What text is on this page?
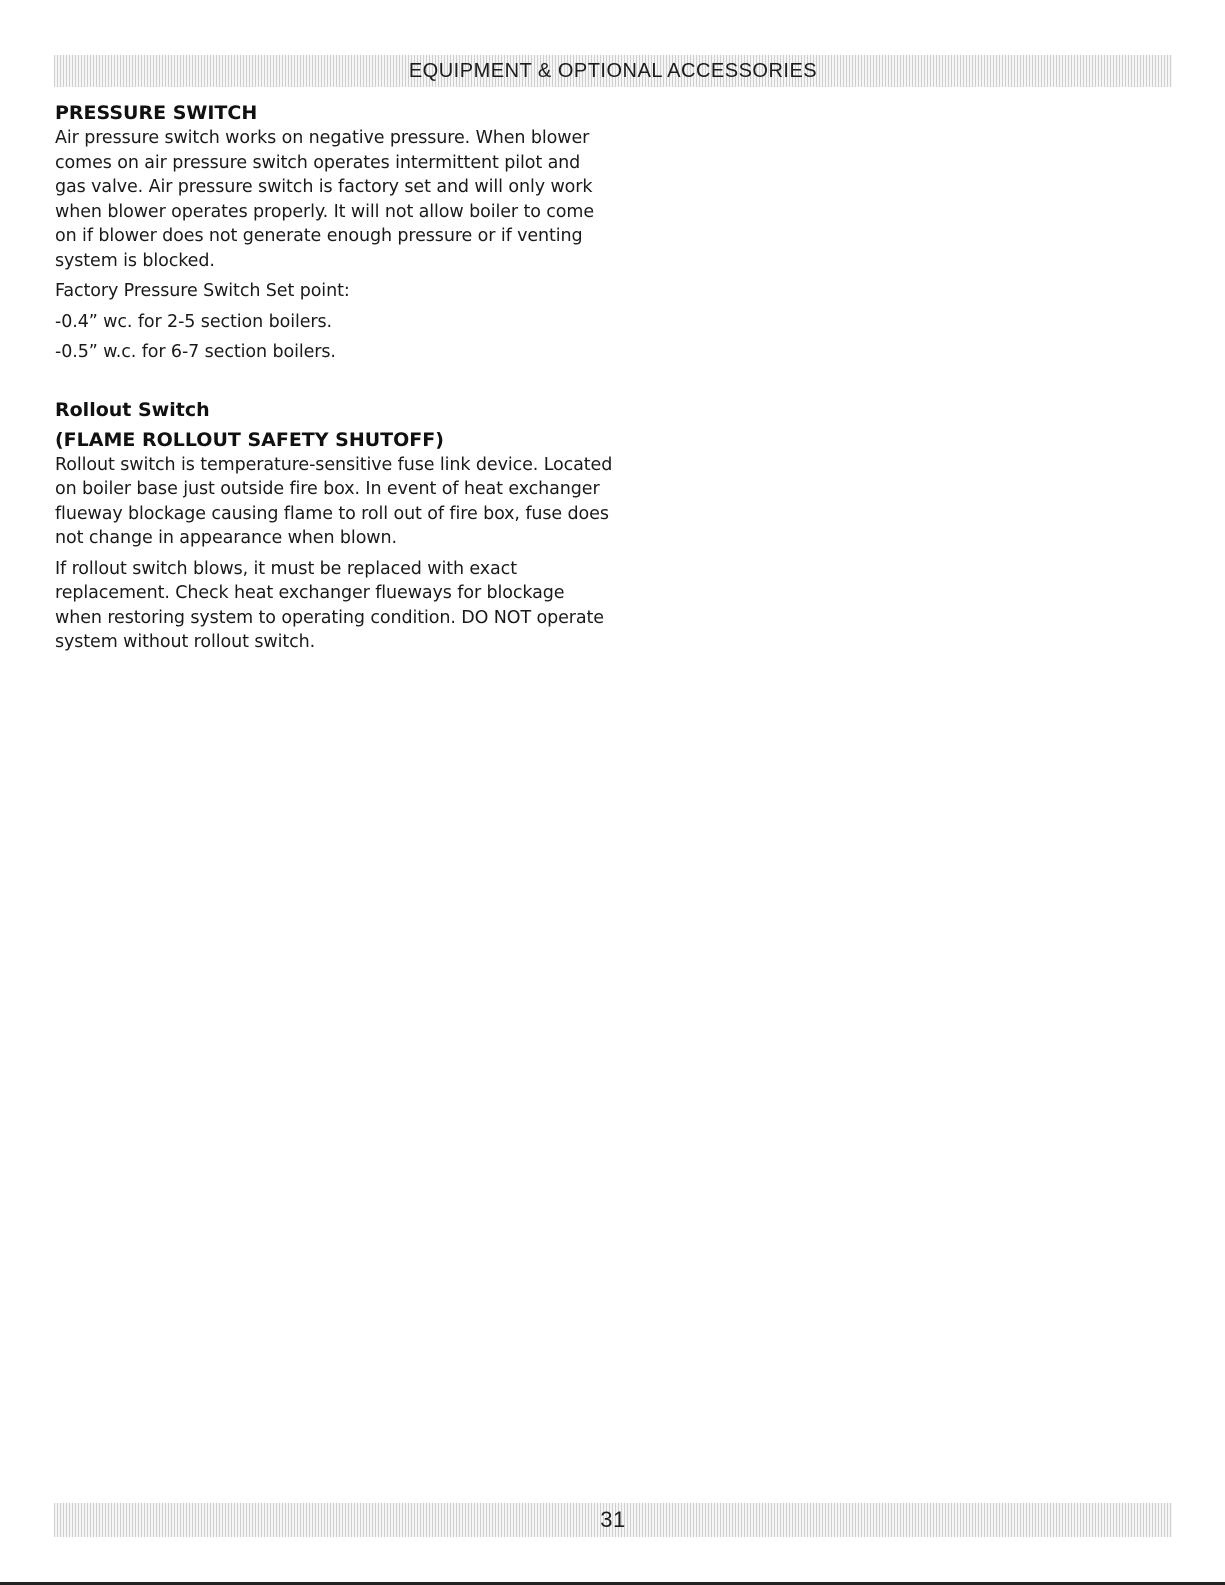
EQUIPMENT & OPTIONAL ACCESSORIES
PRESSURE SWITCH

Air pressure switch works on negative pressure. When blower comes on air pressure switch operates intermittent pilot and gas valve. Air pressure switch is factory set and will only work when blower operates properly. It will not allow boiler to come on if blower does not generate enough pressure or if venting system is blocked.

Factory Pressure Switch Set point:

-0.4” wc. for 2-5 section boilers.

-0.5” w.c. for 6-7 section boilers.

Rollout Switch
(FLAME ROLLOUT SAFETY SHUTOFF)

Rollout switch is temperature-sensitive fuse link device. Located on boiler base just outside fire box. In event of heat exchanger flueway blockage causing flame to roll out of fire box, fuse does not change in appearance when blown.

If rollout switch blows, it must be replaced with exact replacement. Check heat exchanger flueways for blockage when restoring system to operating condition. DO NOT operate system without rollout switch.

31
